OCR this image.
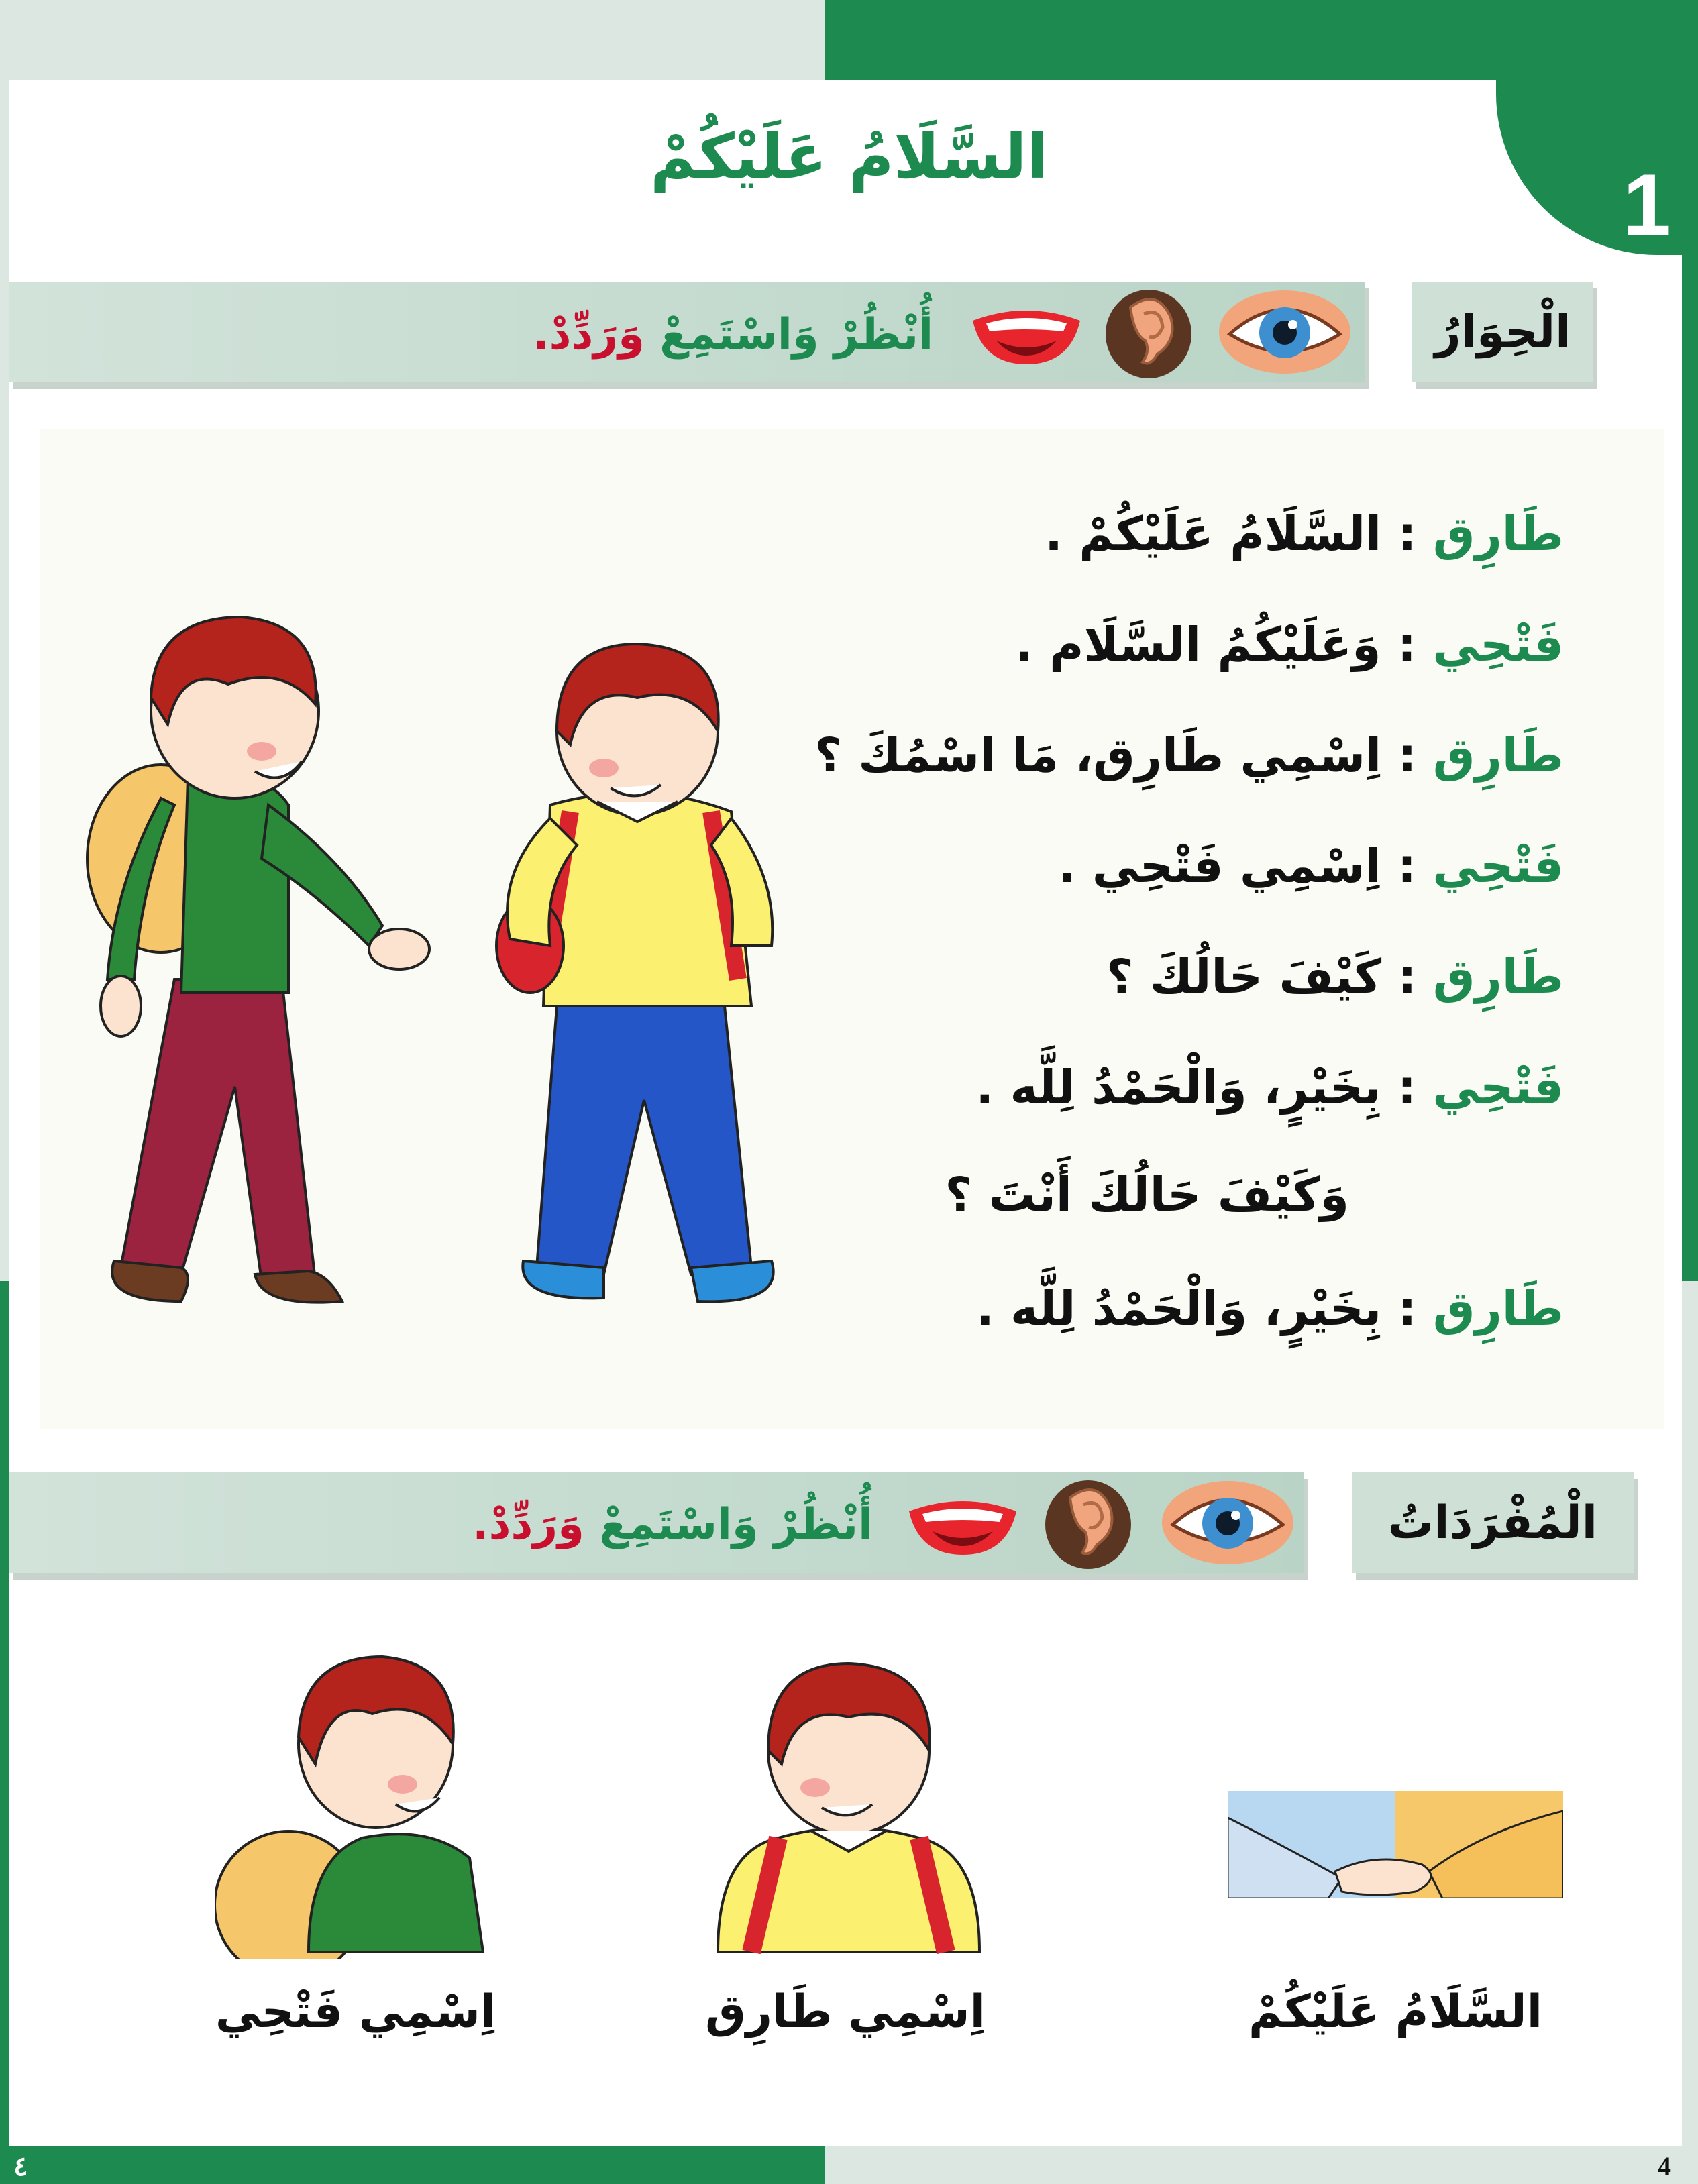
1
السَّلَامُ عَلَيْكُمْ
الْحِوَارُ
أُنْظُرْ وَاسْتَمِعْ وَرَدِّدْ.
طَارِق : السَّلَامُ عَلَيْكُمْ .
فَتْحِي : وَعَلَيْكُمُ السَّلَام .
طَارِق : اِسْمِي طَارِق، مَا اسْمُكَ ؟
فَتْحِي : اِسْمِي فَتْحِي .
طَارِق : كَيْفَ حَالُكَ ؟
فَتْحِي : بِخَيْرٍ، وَالْحَمْدُ لِلَّه .
وَكَيْفَ حَالُكَ أَنْتَ ؟
طَارِق : بِخَيْرٍ، وَالْحَمْدُ لِلَّه .
الْمُفْرَدَاتُ
أُنْظُرْ وَاسْتَمِعْ وَرَدِّدْ.
السَّلَامُ عَلَيْكُمْ
اِسْمِي طَارِق
اِسْمِي فَتْحِي
٤	4
